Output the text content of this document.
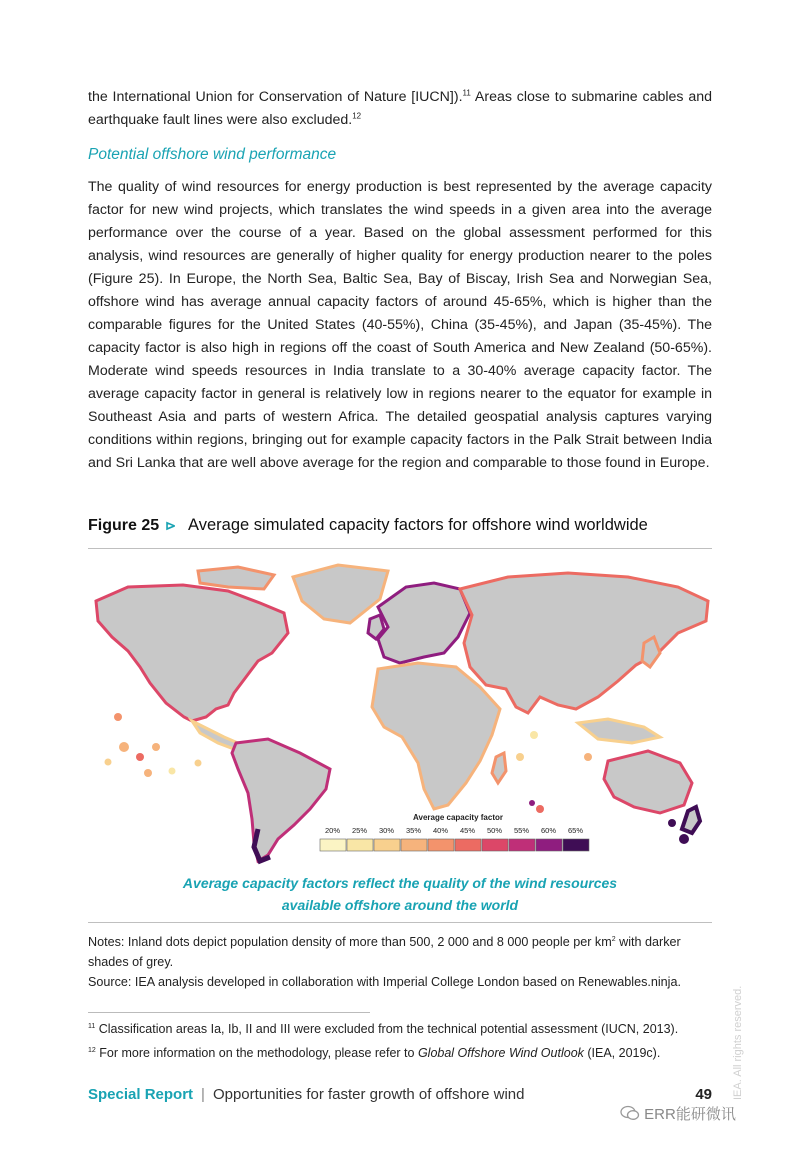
the International Union for Conservation of Nature [IUCN]).$^{11}$ Areas close to submarine cables and earthquake fault lines were also excluded.$^{12}$

Potential offshore wind performance

The quality of wind resources for energy production is best represented by the average capacity factor for new wind projects, which translates the wind speeds in a given area into the average performance over the course of a year. Based on the global assessment performed for this analysis, wind resources are generally of higher quality for energy production nearer to the poles (Figure 25). In Europe, the North Sea, Baltic Sea, Bay of Biscay, Irish Sea and Norwegian Sea, offshore wind has average annual capacity factors of around 45-65%, which is higher than the comparable figures for the United States (40-55%), China (35-45%), and Japan (35-45%). The capacity factor is also high in regions off the coast of South America and New Zealand (50-65%). Moderate wind speeds resources in India translate to a 30-40% average capacity factor. The average capacity factor in general is relatively low in regions nearer to the equator for example in Southeast Asia and parts of western Africa. The detailed geospatial analysis captures varying conditions within regions, bringing out for example capacity factors in the Palk Strait between India and Sri Lanka that are well above average for the region and comparable to those found in Europe.

Figure 25 ⊳ Average simulated capacity factors for offshore wind worldwide
Average capacity factor
20% 25% 30% 35% 40% 45% 50% 55% 60% 65%
Average capacity factors reflect the quality of the wind resources
available offshore around the world
Notes: Inland dots depict population density of more than 500, 2 000 and 8 000 people per $km^2$ with darker shades of grey.
Source: IEA analysis developed in collaboration with Imperial College London based on Renewables.ninja.
$^{11}$ Classification areas Ia, Ib, II and III were excluded from the technical potential assessment (IUCN, 2013).
$^{12}$ For more information on the methodology, please refer to Global Offshore Wind Outlook (IEA, 2019c).
Special Report | Opportunities for faster growth of offshore wind	49 IEA. All rights reserved.
ERR能研微讯
